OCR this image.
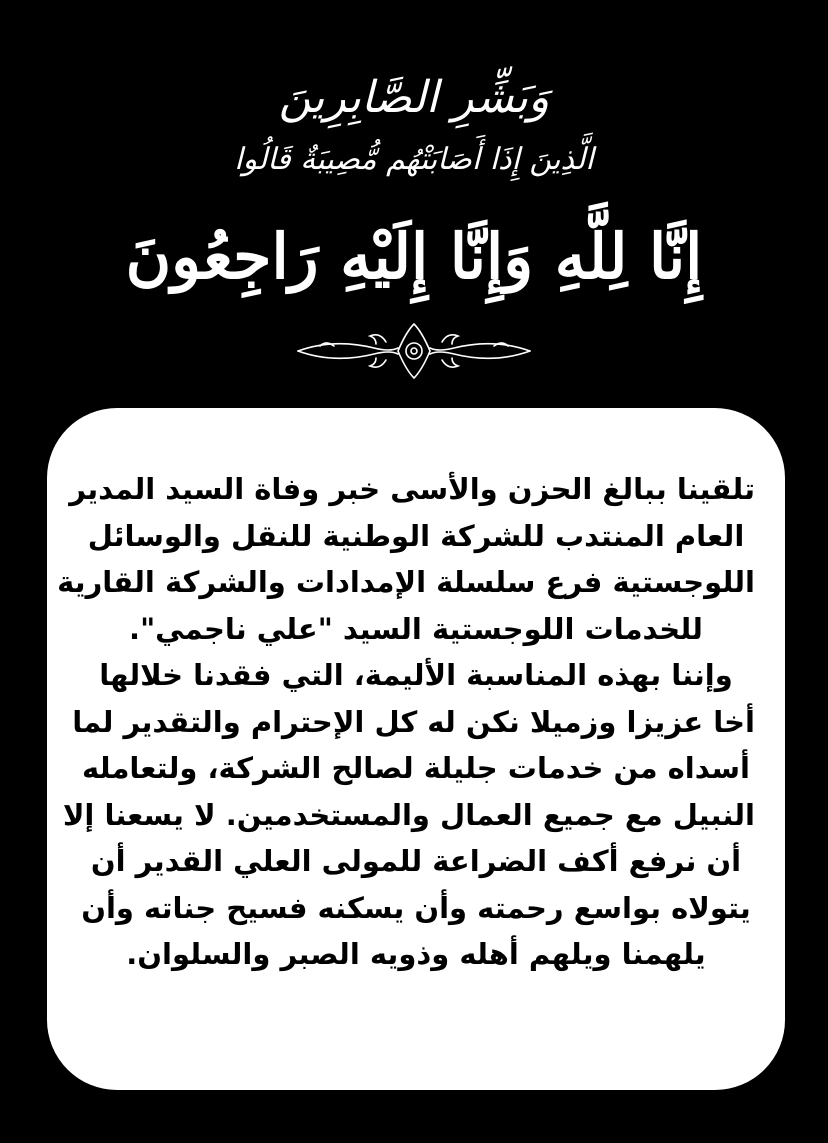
وَبَشِّرِ الصَّابِرِينَ
الَّذِينَ إِذَا أَصَابَتْهُم مُّصِيبَةٌ قَالُوا
إِنَّا لِلَّهِ وَإِنَّا إِلَيْهِ رَاجِعُونَ
تلقينا ببالغ الحزن والأسى خبر وفاة السيد المدير
العام المنتدب للشركة الوطنية للنقل والوسائل
اللوجستية فرع سلسلة الإمدادات والشركة القارية
للخدمات اللوجستية السيد "علي ناجمي".
وإننا بهذه المناسبة الأليمة، التي فقدنا خلالها
أخا عزيزا وزميلا نكن له كل الإحترام والتقدير لما
أسداه من خدمات جليلة لصالح الشركة، ولتعامله
النبيل مع جميع العمال والمستخدمين. لا يسعنا إلا
أن نرفع أكف الضراعة للمولى العلي القدير أن
يتولاه بواسع رحمته وأن يسكنه فسيح جناته وأن
يلهمنا ويلهم أهله وذويه الصبر والسلوان.
